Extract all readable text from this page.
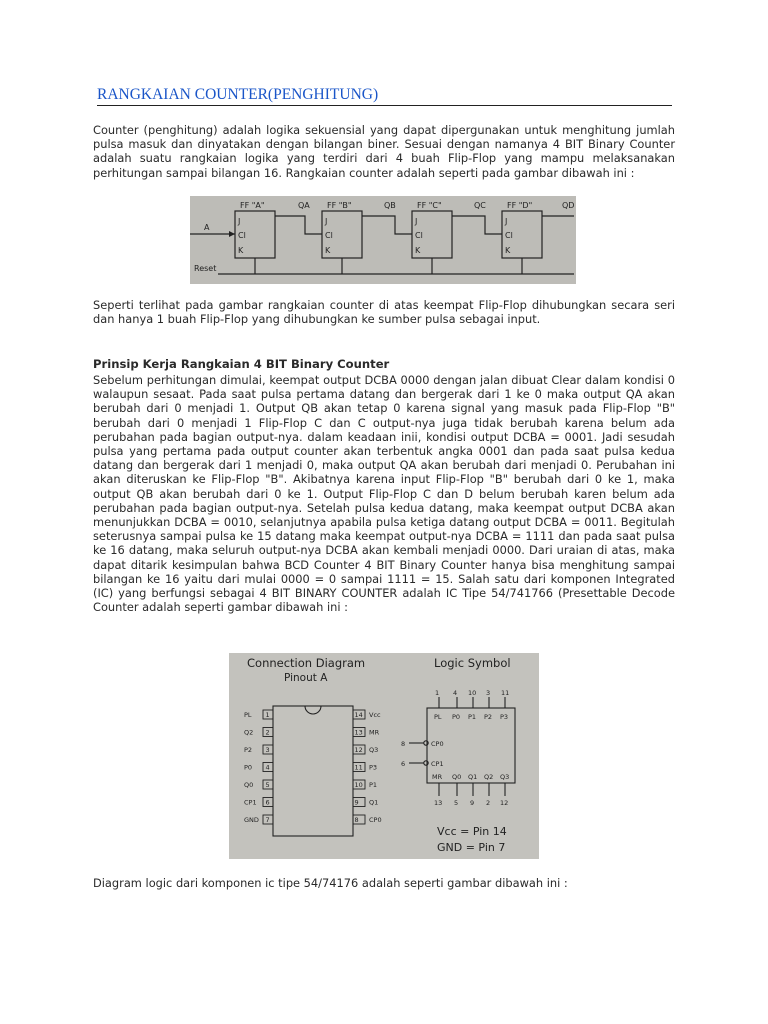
RANGKAIAN COUNTER(PENGHITUNG)

Counter (penghitung) adalah logika sekuensial yang dapat dipergunakan untuk menghitung jumlah pulsa masuk dan dinyatakan dengan bilangan biner. Sesuai dengan namanya 4 BIT Binary Counter adalah suatu rangkaian logika yang terdiri dari 4 buah Flip-Flop yang mampu melaksanakan perhitungan sampai bilangan 16. Rangkaian counter adalah seperti pada gambar dibawah ini :

FF "A"	FF "B"	FF "C"	FF "D"
QA	QB	QC	QD
A
Reset
J
Cl
K
J
Cl
K
J
Cl
K
J
Cl
K

Seperti terlihat pada gambar rangkaian counter di atas keempat Flip-Flop dihubungkan secara seri dan hanya 1 buah Flip-Flop yang dihubungkan ke sumber pulsa sebagai input.

Prinsip Kerja Rangkaian 4 BIT Binary Counter

Sebelum perhitungan dimulai, keempat output DCBA 0000 dengan jalan dibuat Clear dalam kondisi 0 walaupun sesaat. Pada saat pulsa pertama datang dan bergerak dari 1 ke 0 maka output QA akan berubah dari 0 menjadi 1. Output QB akan tetap 0 karena signal yang masuk pada Flip-Flop "B" berubah dari 0 menjadi 1 Flip-Flop C dan C output-nya juga tidak berubah karena belum ada perubahan pada bagian output-nya. dalam keadaan inii, kondisi output DCBA = 0001. Jadi sesudah pulsa yang pertama pada output counter akan terbentuk angka 0001 dan pada saat pulsa kedua datang dan bergerak dari 1 menjadi 0, maka output QA akan berubah dari menjadi 0. Perubahan ini akan diteruskan ke Flip-Flop "B". Akibatnya karena input Flip-Flop "B" berubah dari 0 ke 1, maka output QB akan berubah dari 0 ke 1. Output Flip-Flop C dan D belum berubah karen belum ada perubahan pada bagian output-nya. Setelah pulsa kedua datang, maka keempat output DCBA akan menunjukkan DCBA = 0010, selanjutnya apabila pulsa ketiga datang output DCBA = 0011. Begitulah seterusnya sampai pulsa ke 15 datang maka keempat output-nya DCBA = 1111 dan pada saat pulsa ke 16 datang, maka seluruh output-nya DCBA akan kembali menjadi 0000. Dari uraian di atas, maka dapat ditarik kesimpulan bahwa BCD Counter 4 BIT Binary Counter hanya bisa menghitung sampai bilangan ke 16 yaitu dari mulai 0000 = 0 sampai 1111 = 15. Salah satu dari komponen Integrated (IC) yang berfungsi sebagai 4 BIT BINARY COUNTER adalah IC Tipe 54/741766 (Presettable Decode Counter adalah seperti gambar dibawah ini :

Connection Diagram
Pinout A
Logic Symbol
1
PL	14 Vcc
2
Q2	13 MR
3
P2	12 Q3
4
P0	11 P3
5
Q0	10 P1
6
CP1	9 Q1
7
GND	8 CP0
1 4 10 3 11
PL P0 P1 P2 P3
CP0
CP1
8
6
MR Q0 Q1 Q2 Q3
13 5 9 2 12
Vcc = Pin 14
GND = Pin 7

Diagram logic dari komponen ic tipe 54/74176 adalah seperti gambar dibawah ini :
